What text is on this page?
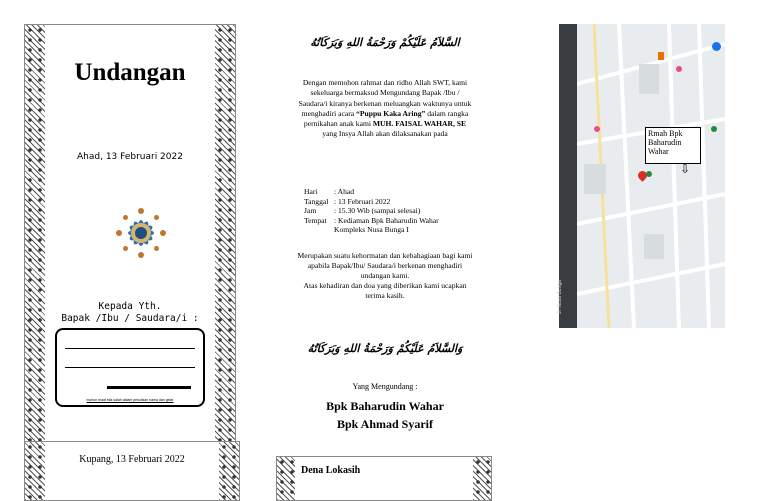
Undangan
Ahad, 13 Februari 2022
Kepada Yth.
Bapak /Ibu / Saudara/i :
mohon maaf bila salah dalam penulisan nama dan gelar
Kupang, 13 Februari 2022
السَّلاَمُ عَلَيْكُمْ وَرَحْمَةُ اللهِ وَبَرَكَاتُهُ
Dengan memohon rahmat dan ridho Allah SWT, kami sekeluarga bermaksud Mengundang Bapak /Ibu / Saudara/i kiranya berkenan meluangkan waktunya untuk menghadiri acara “Puppu Kaka Aring” dalam rangka pernikahan anak kami MUH. FAISAL WAHAR, SE yang Insya Allah akan dilaksanakan pada
Hari	: Ahad
Tanggal : 13 Februari 2022
Jam	: 15.30 Wib (sampai selesai)
Tempat : Kediaman Bpk Baharudin Wahar
Kompleks Nusa Bunga I
Merupakan suatu kehormatan dan kebahagiaan bagi kami apabila Bapak/Ibu/ Saudara/i berkenan menghadiri undangan kami.
Atas kehadiran dan doa yang diberikan kami ucapkan terima kasih.
وَالسَّلاَمُ عَلَيْكُمْ وَرَحْمَةُ اللهِ وَبَرَكَاتُهُ
Yang Mengundang :
Bpk Baharudin Wahar
Bpk Ahmad Syarif
Dena Lokasih
Jl. Nusa Bunga
Rmah Bpk Baharudin Wahar
⇩
